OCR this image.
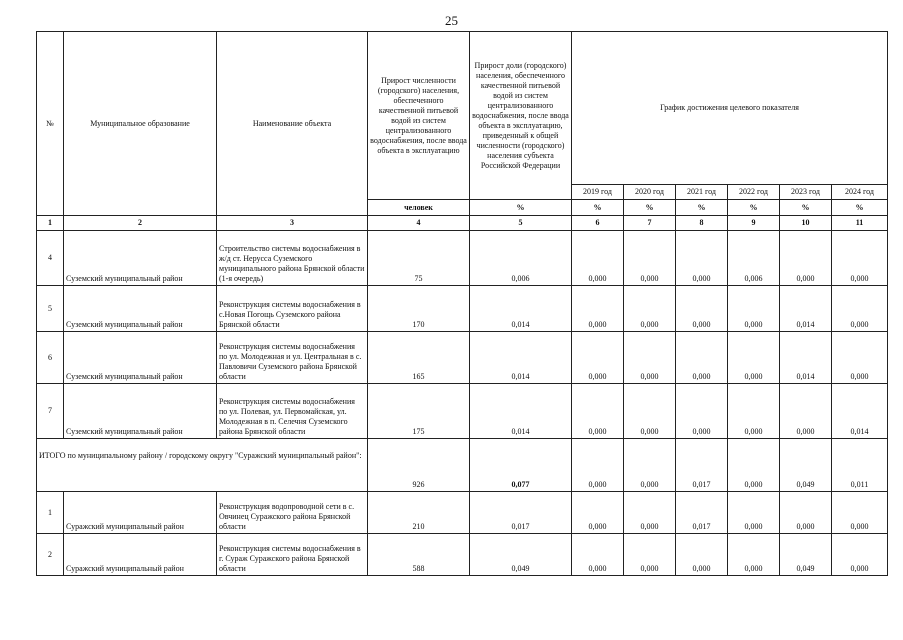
25
№	Муниципальное образование	Наименование объекта	Прирост численности (городского) населения, обеспеченного качественной питьевой водой из систем централизованного водоснабжения, после ввода объекта в эксплуатацию	Прирост доли (городского) населения, обеспеченного качественной питьевой водой из систем централизованного водоснабжения, после ввода объекта в эксплуатацию, приведенный к общей численности (городского) населения субъекта Российской Федерации	График достижения целевого показателя					
					2019 год	2020 год	2021 год	2022 год	2023 год	2024 год
			человек	%	%	%	%	%	%	%
1	2	3	4	5	6	7	8	9	10	11
4	Суземский муниципальный район	Строительство системы водоснабжения в ж/д ст. Нерусса Суземского муниципального района Брянской области (1-я очередь)	75	0,006	0,000	0,000	0,000	0,006	0,000	0,000
5	Суземский муниципальный район	Реконструкция системы водоснабжения в с.Новая Погощь Суземского района Брянской области	170	0,014	0,000	0,000	0,000	0,000	0,014	0,000
6	Суземский муниципальный район	Реконструкция системы водоснабжения по ул. Молодежная и ул. Центральная в с. Павловичи Суземского района Брянской области	165	0,014	0,000	0,000	0,000	0,000	0,014	0,000
7	Суземский муниципальный район	Реконструкция системы водоснабжения по ул. Полевая, ул. Первомайская, ул. Молодежная в п. Селечня Суземского района Брянской области	175	0,014	0,000	0,000	0,000	0,000	0,000	0,014
ИТОГО по муниципальному району / городскому округу "Суражский муниципальный район":			926	0,077	0,000	0,000	0,017	0,000	0,049	0,011
1	Суражский муниципальный район	Реконструкция водопроводной сети в с. Овчинец Суражского района Брянской области	210	0,017	0,000	0,000	0,017	0,000	0,000	0,000
2	Суражский муниципальный район	Реконструкция системы водоснабжения в г. Сураж Суражского района Брянской области	588	0,049	0,000	0,000	0,000	0,000	0,049	0,000
